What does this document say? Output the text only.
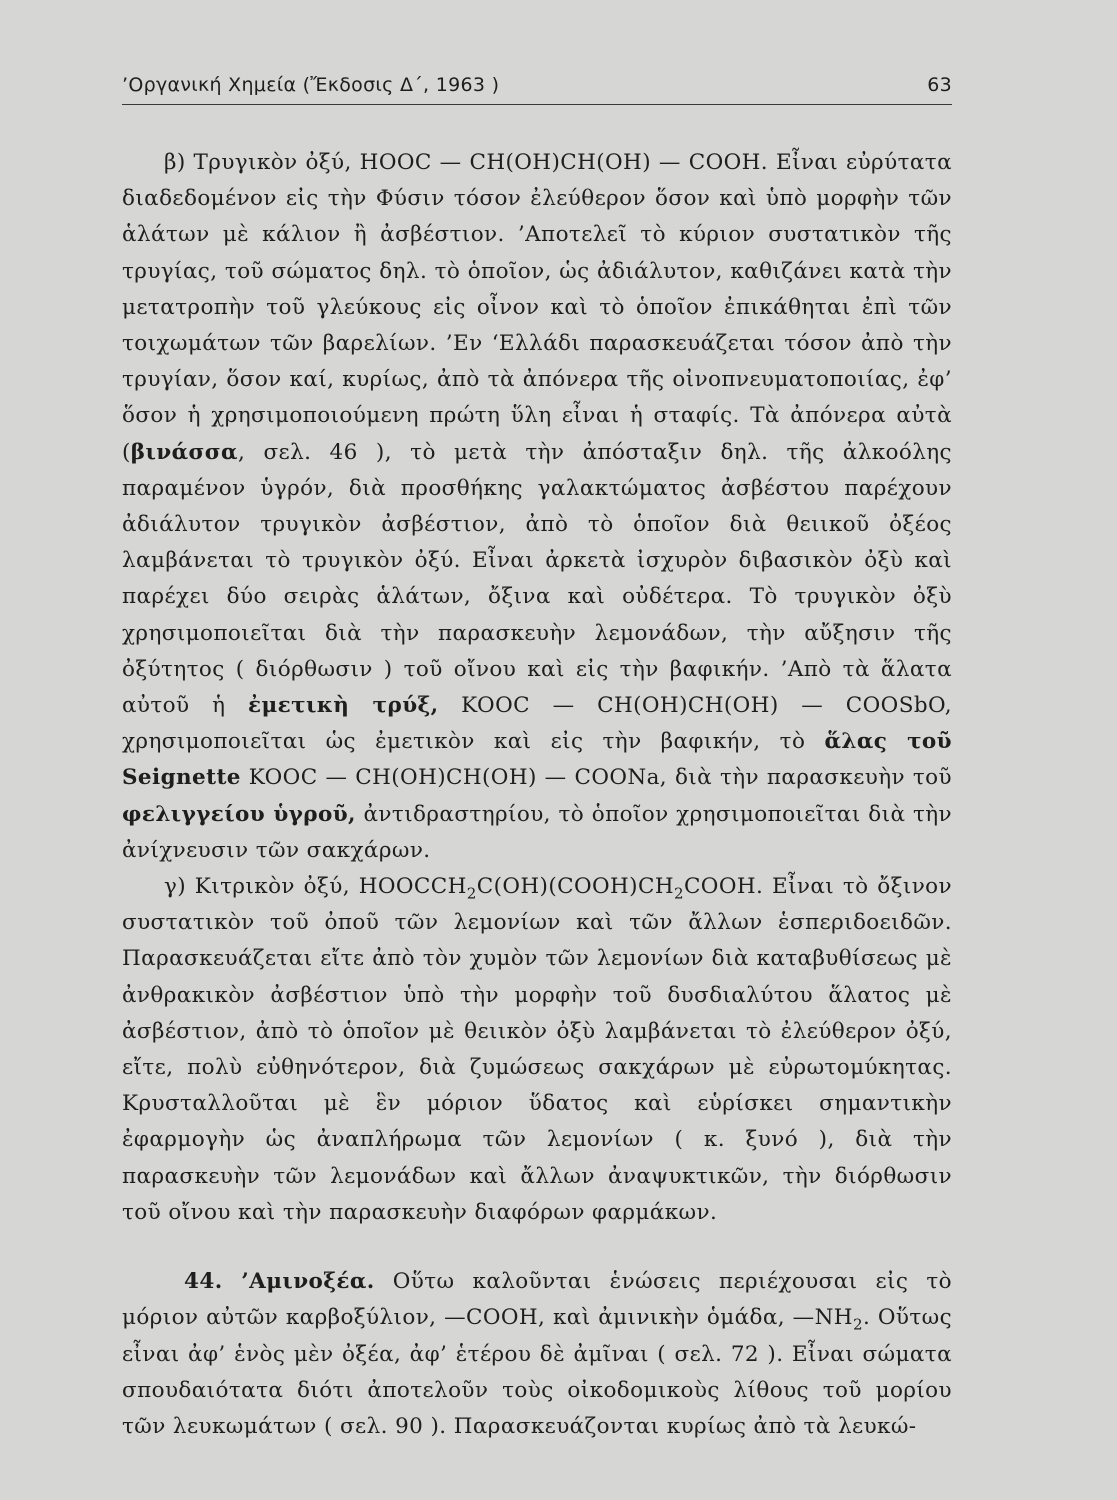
’Οργανική Χημεία (Ἔκδοσις Δ΄, 1963 )	63

β) Τρυγικὸν ὀξύ, HOOC — CH(OH)CH(OH) — COOH. Εἶναι εὐρύτατα διαδεδομένον εἰς τὴν Φύσιν τόσον ἐλεύθερον ὅσον καὶ ὑπὸ μορφὴν τῶν ἁλάτων μὲ κάλιον ἢ ἀσβέστιον. ’Αποτελεῖ τὸ κύριον συστατικὸν τῆς τρυγίας, τοῦ σώματος δηλ. τὸ ὁποῖον, ὡς ἀδιάλυτον, καθιζάνει κατὰ τὴν μετατροπὴν τοῦ γλεύκους εἰς οἶνον καὶ τὸ ὁποῖον ἐπικάθηται ἐπὶ τῶν τοιχωμάτων τῶν βαρελίων. ’Εν ‘Ελλάδι παρασκευάζεται τόσον ἀπὸ τὴν τρυγίαν, ὅσον καί, κυρίως, ἀπὸ τὰ ἀπόνερα τῆς οἰνοπνευματοποιίας, ἐφ’ ὅσον ἡ χρησιμοποιούμενη πρώτη ὕλη εἶναι ἡ σταφίς. Τὰ ἀπόνερα αὐτὰ (βινάσσα, σελ. 46 ), τὸ μετὰ τὴν ἀπόσταξιν δηλ. τῆς ἀλκοόλης παραμένον ὑγρόν, διὰ προσθήκης γαλακτώματος ἀσβέστου παρέχουν ἀδιάλυτον τρυγικὸν ἀσβέστιον, ἀπὸ τὸ ὁποῖον διὰ θειικοῦ ὀξέος λαμβάνεται τὸ τρυγικὸν ὀξύ. Εἶναι ἀρκετὰ ἰσχυρὸν διβασικὸν ὀξὺ καὶ παρέχει δύο σειρὰς ἁλάτων, ὄξινα καὶ οὐδέτερα. Τὸ τρυγικὸν ὀξὺ χρησιμοποιεῖται διὰ τὴν παρασκευὴν λεμονάδων, τὴν αὔξησιν τῆς ὀξύτητος ( διόρθωσιν ) τοῦ οἴνου καὶ εἰς τὴν βαφικήν. ’Απὸ τὰ ἅλατα αὐτοῦ ἡ ἐμετικὴ τρύξ, KOOC — CH(OH)CH(OH) — COOSbO, χρησιμοποιεῖται ὡς ἐμετικὸν καὶ εἰς τὴν βαφικήν, τὸ ἅλας τοῦ Seignette KOOC — CH(OH)CH(OH) — COONa, διὰ τὴν παρασκευὴν τοῦ φελιγγείου ὑγροῦ, ἀντιδραστηρίου, τὸ ὁποῖον χρησιμοποιεῖται διὰ τὴν ἀνίχνευσιν τῶν σακχάρων.

γ) Κιτρικὸν ὀξύ, $HOOCCH_2C(OH)(COOH)CH_2COOH$. Εἶναι τὸ ὄξινον συστατικὸν τοῦ ὀποῦ τῶν λεμονίων καὶ τῶν ἄλλων ἑσπεριδοειδῶν. Παρασκευάζεται εἴτε ἀπὸ τὸν χυμὸν τῶν λεμονίων διὰ καταβυθίσεως μὲ ἀνθρακικὸν ἀσβέστιον ὑπὸ τὴν μορφὴν τοῦ δυσδιαλύτου ἅλατος μὲ ἀσβέστιον, ἀπὸ τὸ ὁποῖον μὲ θειικὸν ὀξὺ λαμβάνεται τὸ ἐλεύθερον ὀξύ, εἴτε, πολὺ εὐθηνότερον, διὰ ζυμώσεως σακχάρων μὲ εὐρωτομύκητας. Κρυσταλλοῦται μὲ ἓν μόριον ὕδατος καὶ εὑρίσκει σημαντικὴν ἐφαρμογὴν ὡς ἀναπλήρωμα τῶν λεμονίων ( κ. ξυνό ), διὰ τὴν παρασκευὴν τῶν λεμονάδων καὶ ἄλλων ἀναψυκτικῶν, τὴν διόρθωσιν τοῦ οἴνου καὶ τὴν παρασκευὴν διαφόρων φαρμάκων.

44. ’Αμινοξέα. Οὕτω καλοῦνται ἑνώσεις περιέχουσαι εἰς τὸ μόριον αὐτῶν καρβοξύλιον, —COOH, καὶ ἀμινικὴν ὁμάδα, $—NH_2$. Οὕτως εἶναι ἀφ’ ἑνὸς μὲν ὀξέα, ἀφ’ ἑτέρου δὲ ἀμῖναι ( σελ. 72 ). Εἶναι σώματα σπουδαιότατα διότι ἀποτελοῦν τοὺς οἰκοδομικοὺς λίθους τοῦ μορίου τῶν λευκωμάτων ( σελ. 90 ). Παρασκευάζονται κυρίως ἀπὸ τὰ λευκώ-
